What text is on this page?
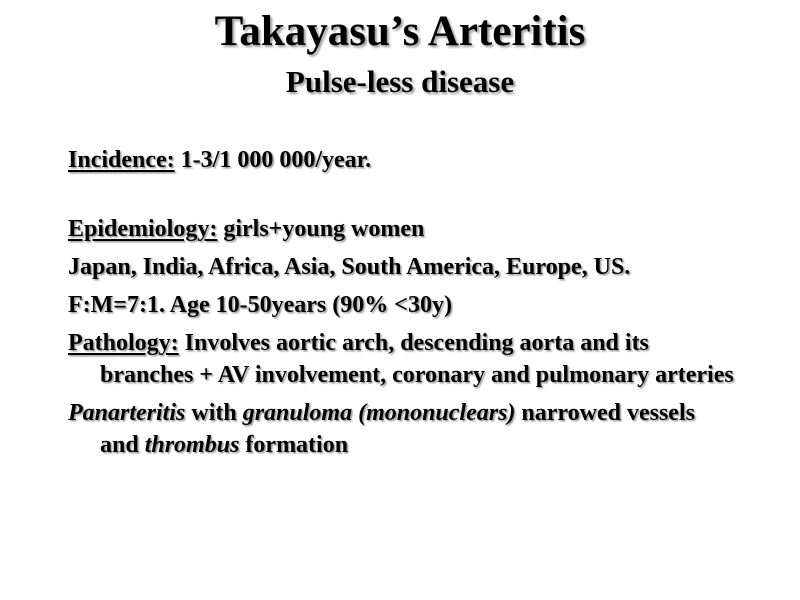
Takayasu’s Arteritis
Pulse-less disease

Incidence: 1-3/1 000 000/year.

Epidemiology: girls+young women

Japan, India, Africa, Asia, South America, Europe, US.

F:M=7:1. Age 10-50years (90% <30y)

Pathology: Involves aortic arch, descending aorta and its branches + AV involvement, coronary and pulmonary arteries

Panarteritis with granuloma (mononuclears) narrowed vessels and thrombus formation
